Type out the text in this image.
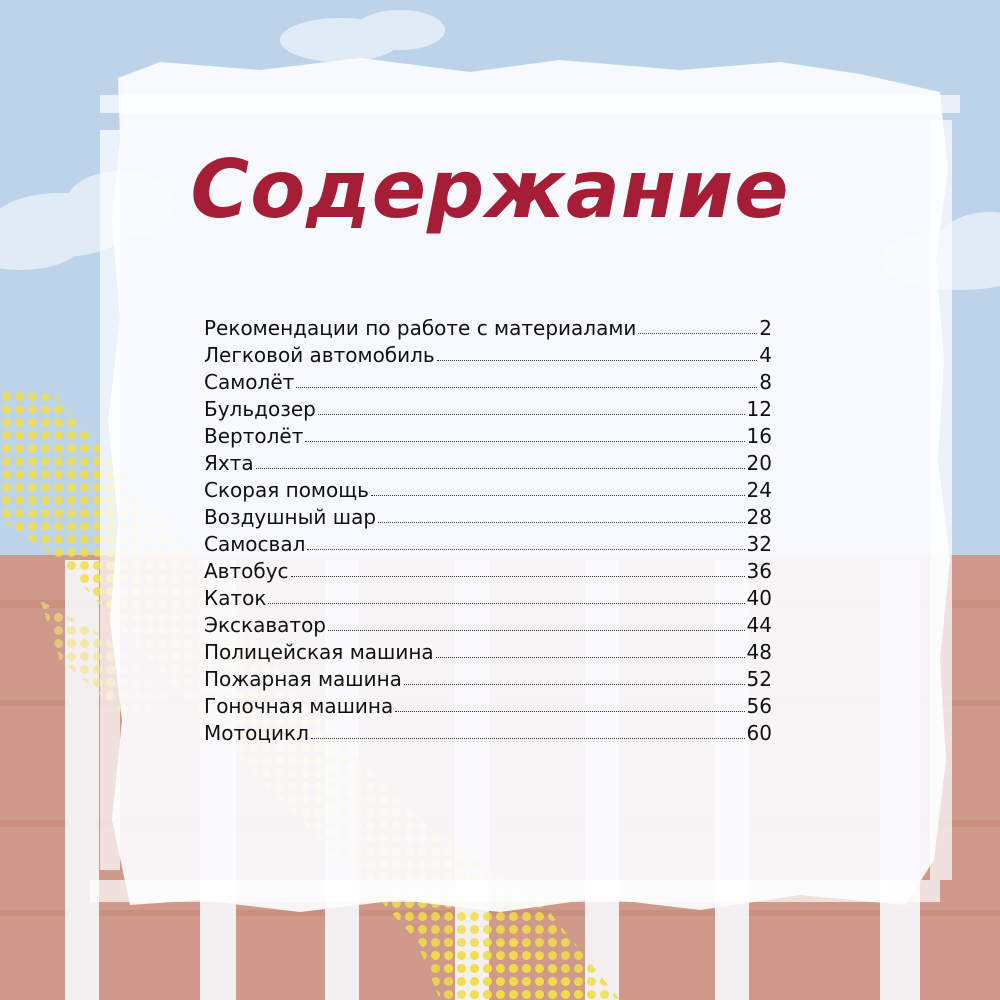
Содержание
Рекомендации по работе с материалами	2
Легковой автомобиль	4
Самолёт	8
Бульдозер	12
Вертолёт	16
Яхта	20
Скорая помощь	24
Воздушный шар	28
Самосвал	32
Автобус	36
Каток	40
Экскаватор	44
Полицейская машина	48
Пожарная машина	52
Гоночная машина	56
Мотоцикл	60
